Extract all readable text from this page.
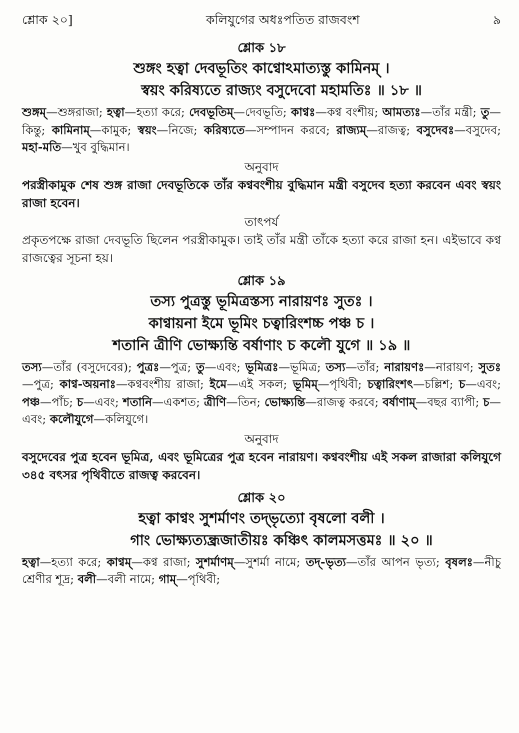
শ্লোক ২০]	কলিযুগের অধঃপতিত রাজবংশ	৯
শ্লোক ১৮
শুঙ্গং হত্বা দেবভূতিং কাণ্বোঽমাত্যস্তু কামিনম্ ।
স্বয়ং করিষ্যতে রাজ্যং বসুদেবো মহামতিঃ ॥ ১৮ ॥

শুঙ্গম্—শুঙ্গরাজা; হত্বা—হত্যা করে; দেবভূতিম্—দেবভূতি; কাণ্বঃ—কণ্ব বংশীয়; আমত্যঃ—তাঁর মন্ত্রী; তু—কিন্তু; কামিনাম্—কামুক; স্বয়ং—নিজে; করিষ্যতে—সম্পাদন করবে; রাজ্যম্—রাজত্ব; বসুদেবঃ—বসুদেব; মহা-মতি—খুব বুদ্ধিমান।

অনুবাদ

পরস্ত্রীকামুক শেষ শুঙ্গ রাজা দেবভূতিকে তাঁর কণ্ববংশীয় বুদ্ধিমান মন্ত্রী বসুদেব হত্যা করবেন এবং স্বয়ং রাজা হবেন।

তাৎপর্য

প্রকৃতপক্ষে রাজা দেবভূতি ছিলেন পরস্ত্রীকামুক। তাই তাঁর মন্ত্রী তাঁকে হত্যা করে রাজা হন। এইভাবে কণ্ব রাজত্বের সূচনা হয়।

শ্লোক ১৯
তস্য পুত্রস্তু ভূমিত্রস্তস্য নারায়ণঃ সুতঃ ।
কাণ্বায়না ইমে ভূমিং চত্বারিংশচ্চ পঞ্চ চ ।
শতানি ত্রীণি ভোক্ষ্যন্তি বর্ষাণাং চ কলৌ যুগে ॥ ১৯ ॥

তস্য—তাঁর (বসুদেবের); পুত্রঃ—পুত্র; তু—এবং; ভূমিত্রঃ—ভূমিত্র; তস্য—তাঁর; নারায়ণঃ—নারায়ণ; সুতঃ—পুত্র; কাণ্ব-অয়নাঃ—কণ্ববংশীয় রাজা; ইমে—এই সকল; ভূমিম্—পৃথিবী; চত্বারিংশৎ—চল্লিশ; চ—এবং; পঞ্চ—পাঁচ; চ—এবং; শতানি—একশত; ত্রীণি—তিন; ভোক্ষ্যন্তি—রাজত্ব করবে; বর্ষাণাম্—বছর ব্যাপী; চ—এবং; কলৌযুগে—কলিযুগে।

অনুবাদ

বসুদেবের পুত্র হবেন ভূমিত্র, এবং ভূমিত্রের পুত্র হবেন নারায়ণ। কণ্ববংশীয় এই সকল রাজারা কলিযুগে ৩৪৫ বৎসর পৃথিবীতে রাজত্ব করবেন।

শ্লোক ২০
হত্বা কাণ্বং সুশর্মাণং তদ্‌ভৃত্যো বৃষলো বলী ।
গাং ভোক্ষ্যত্যন্ধ্রজাতীয়ঃ কঞ্চিৎ কালমসত্তমঃ ॥ ২০ ॥

হত্বা—হত্যা করে; কাণ্বম্—কণ্ব রাজা; সুশর্মাণম্—সুশর্মা নামে; তদ্-ভৃত্য—তাঁর আপন ভৃত্য; বৃষলঃ—নীচু শ্রেণীর শূদ্র; বলী—বলী নামে; গাম্—পৃথিবী;
